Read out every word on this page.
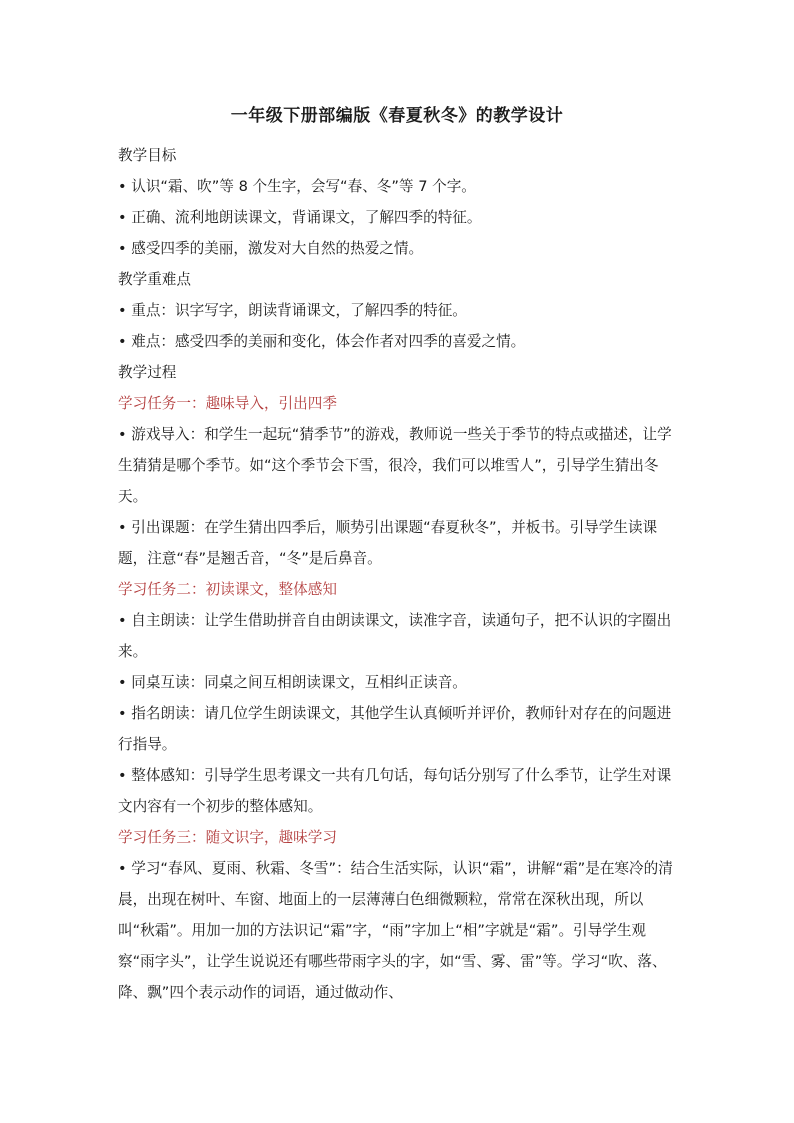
一年级下册部编版《春夏秋冬》的教学设计

教学目标

• 认识“霜、吹”等 8 个生字，会写“春、冬”等 7 个字。

• 正确、流利地朗读课文，背诵课文，了解四季的特征。

• 感受四季的美丽，激发对大自然的热爱之情。

教学重难点

• 重点：识字写字，朗读背诵课文，了解四季的特征。

• 难点：感受四季的美丽和变化，体会作者对四季的喜爱之情。

教学过程

学习任务一：趣味导入，引出四季

• 游戏导入：和学生一起玩“猜季节”的游戏，教师说一些关于季节的特点或描述，让学生猜猜是哪个季节。如“这个季节会下雪，很冷，我们可以堆雪人”，引导学生猜出冬天。

• 引出课题：在学生猜出四季后，顺势引出课题“春夏秋冬”，并板书。引导学生读课题，注意“春”是翘舌音，“冬”是后鼻音。

学习任务二：初读课文，整体感知

• 自主朗读：让学生借助拼音自由朗读课文，读准字音，读通句子，把不认识的字圈出来。

• 同桌互读：同桌之间互相朗读课文，互相纠正读音。

• 指名朗读：请几位学生朗读课文，其他学生认真倾听并评价，教师针对存在的问题进行指导。

• 整体感知：引导学生思考课文一共有几句话，每句话分别写了什么季节，让学生对课文内容有一个初步的整体感知。

学习任务三：随文识字，趣味学习

• 学习“春风、夏雨、秋霜、冬雪”：结合生活实际，认识“霜”，讲解“霜”是在寒冷的清晨，出现在树叶、车窗、地面上的一层薄薄白色细微颗粒，常常在深秋出现，所以叫“秋霜”。用加一加的方法识记“霜”字，“雨”字加上“相”字就是“霜”。引导学生观察“雨字头”，让学生说说还有哪些带雨字头的字，如“雪、雾、雷”等。学习“吹、落、降、飘”四个表示动作的词语，通过做动作、
